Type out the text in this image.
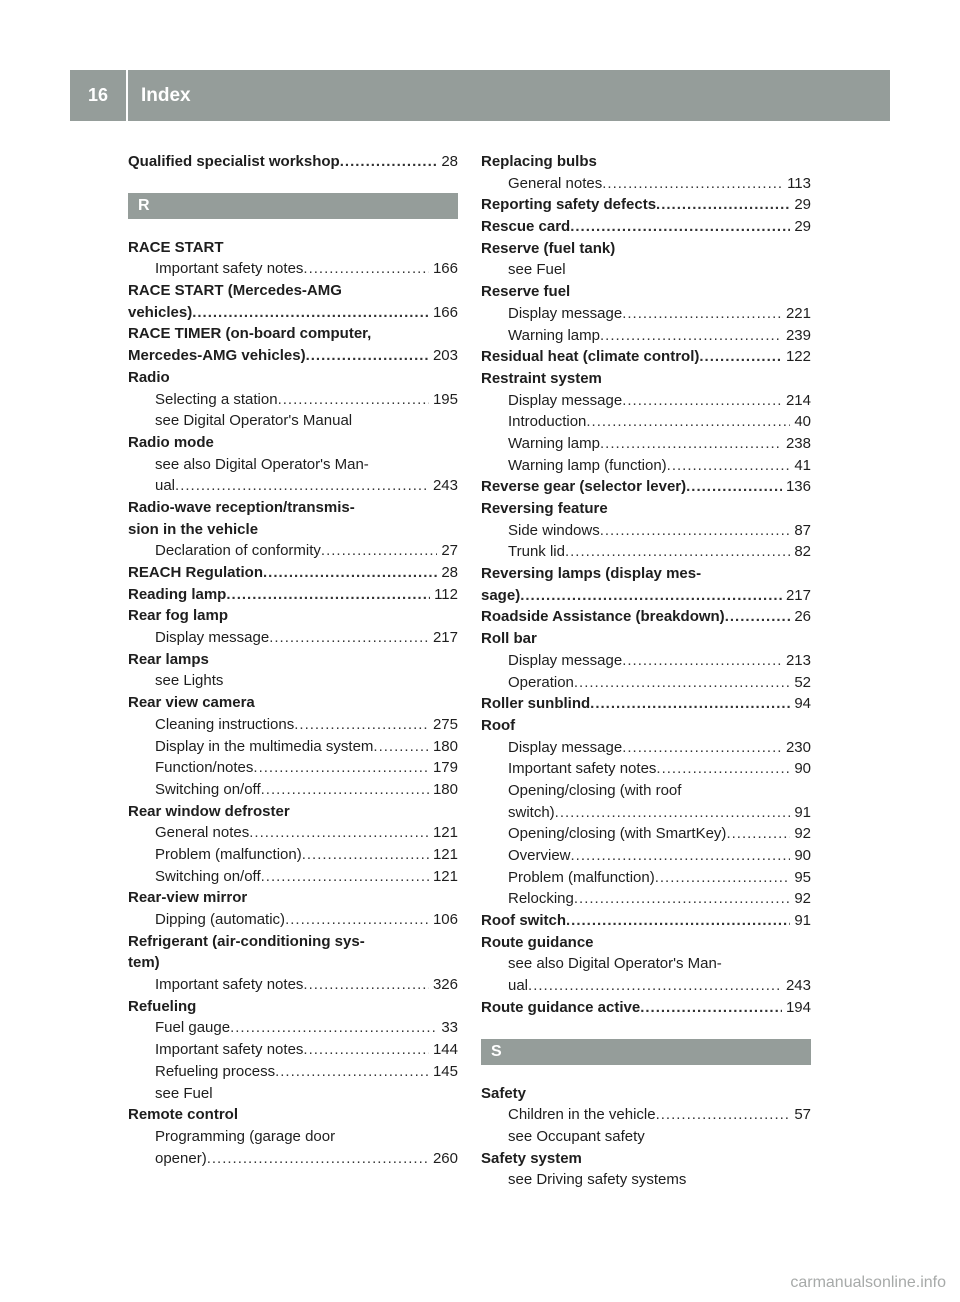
16	Index
Qualified specialist workshop .....	28
R
RACE START
Important safety notes .....	166
RACE START (Mercedes-AMG
vehicles) .....	166
RACE TIMER (on-board computer,
Mercedes-AMG vehicles) .....	203
Radio
Selecting a station .....	195
see Digital Operator's Manual
Radio mode
see also Digital Operator's Man-
ual .....	243
Radio-wave reception/transmis-
sion in the vehicle
Declaration of conformity .....	27
REACH Regulation .....	28
Reading lamp .....	112
Rear fog lamp
Display message .....	217
Rear lamps
see Lights
Rear view camera
Cleaning instructions .....	275
Display in the multimedia system .....	180
Function/notes .....	179
Switching on/off .....	180
Rear window defroster
General notes .....	121
Problem (malfunction) .....	121
Switching on/off .....	121
Rear-view mirror
Dipping (automatic) .....	106
Refrigerant (air-conditioning sys-
tem)
Important safety notes .....	326
Refueling
Fuel gauge .....	33
Important safety notes .....	144
Refueling process .....	145
see Fuel
Remote control
Programming (garage door
opener) .....	260
Replacing bulbs
General notes .....	113
Reporting safety defects .....	29
Rescue card .....	29
Reserve (fuel tank)
see Fuel
Reserve fuel
Display message .....	221
Warning lamp .....	239
Residual heat (climate control) .....	122
Restraint system
Display message .....	214
Introduction .....	40
Warning lamp .....	238
Warning lamp (function) .....	41
Reverse gear (selector lever) .....	136
Reversing feature
Side windows .....	87
Trunk lid .....	82
Reversing lamps (display mes-
sage) .....	217
Roadside Assistance (breakdown) .....	26
Roll bar
Display message .....	213
Operation .....	52
Roller sunblind .....	94
Roof
Display message .....	230
Important safety notes .....	90
Opening/closing (with roof
switch) .....	91
Opening/closing (with SmartKey) .....	92
Overview .....	90
Problem (malfunction) .....	95
Relocking .....	92
Roof switch .....	91
Route guidance
see also Digital Operator's Man-
ual .....	243
Route guidance active .....	194
S
Safety
Children in the vehicle .....	57
see Occupant safety
Safety system
see Driving safety systems
carmanualsonline.info
